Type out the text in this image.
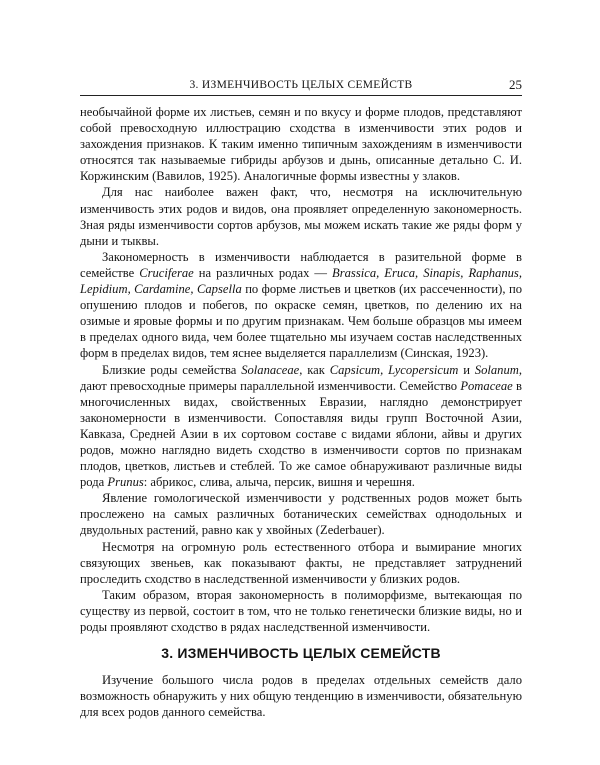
3. ИЗМЕНЧИВОСТЬ ЦЕЛЫХ СЕМЕЙСТВ	25

необычайной форме их листьев, семян и по вкусу и форме плодов, представляют собой превосходную иллюстрацию сходства в изменчивости этих родов и захождения признаков. К таким именно типичным захождениям в изменчивости относятся так называемые гибриды арбузов и дынь, описанные детально С. И. Коржинским (Вавилов, 1925). Аналогичные формы известны у злаков.

Для нас наиболее важен факт, что, несмотря на исключительную изменчивость этих родов и видов, она проявляет определенную закономерность. Зная ряды изменчивости сортов арбузов, мы можем искать такие же ряды форм у дыни и тыквы.

Закономерность в изменчивости наблюдается в разительной форме в семействе Cruciferae на различных родах — Brassica, Eruca, Sinapis, Raphanus, Lepidium, Cardamine, Capsella по форме листьев и цветков (их рассеченности), по опушению плодов и побегов, по окраске семян, цветков, по делению их на озимые и яровые формы и по другим признакам. Чем больше образцов мы имеем в пределах одного вида, чем более тщательно мы изучаем состав наследственных форм в пределах видов, тем яснее выделяется параллелизм (Синская, 1923).

Близкие роды семейства Solanaceae, как Capsicum, Lycopersicum и Solanum, дают превосходные примеры параллельной изменчивости. Семейство Pomaceae в многочисленных видах, свойственных Евразии, наглядно демонстрирует закономерности в изменчивости. Сопоставляя виды групп Восточной Азии, Кавказа, Средней Азии в их сортовом составе с видами яблони, айвы и других родов, можно наглядно видеть сходство в изменчивости сортов по признакам плодов, цветков, листьев и стеблей. То же самое обнаруживают различные виды рода Prunus: абрикос, слива, алыча, персик, вишня и черешня.

Явление гомологической изменчивости у родственных родов может быть прослежено на самых различных ботанических семействах однодольных и двудольных растений, равно как у хвойных (Zederbauer).

Несмотря на огромную роль естественного отбора и вымирание многих связующих звеньев, как показывают факты, не представляет затруднений проследить сходство в наследственной изменчивости у близких родов.

Таким образом, вторая закономерность в полиморфизме, вытекающая по существу из первой, состоит в том, что не только генетически близкие виды, но и роды проявляют сходство в рядах наследственной изменчивости.

3. ИЗМЕНЧИВОСТЬ ЦЕЛЫХ СЕМЕЙСТВ

Изучение большого числа родов в пределах отдельных семейств дало возможность обнаружить у них общую тенденцию в изменчивости, обязательную для всех родов данного семейства.
